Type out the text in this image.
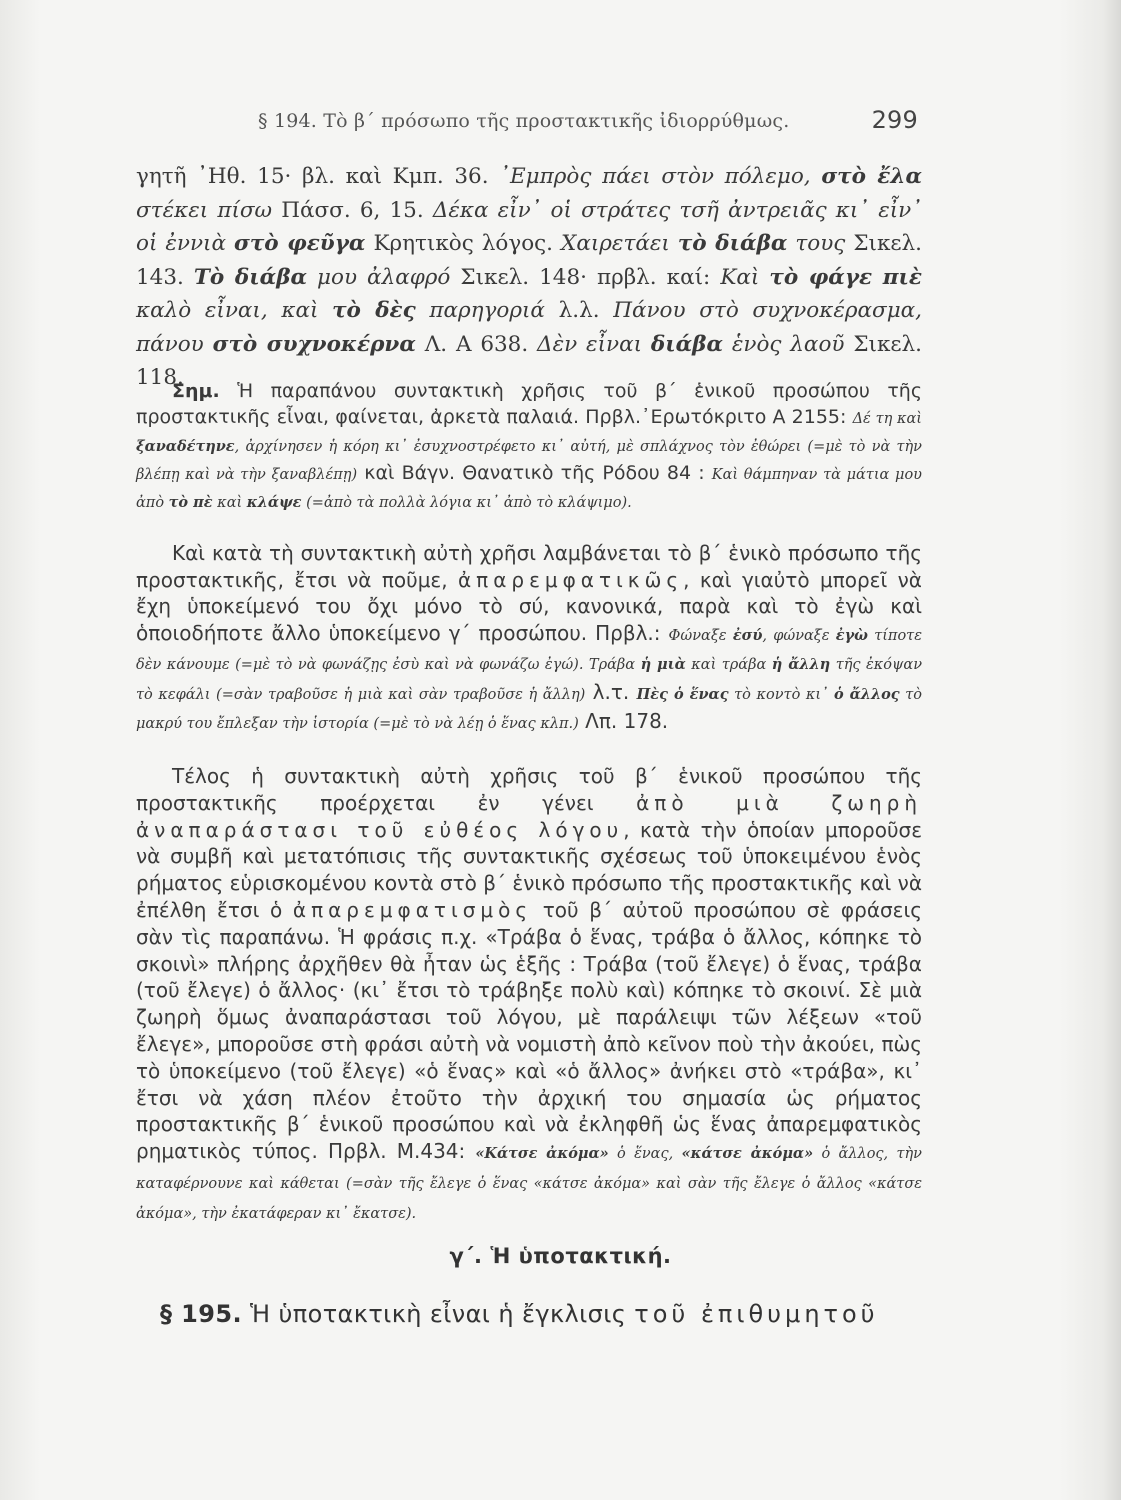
§ 194. Τὸ β΄ πρόσωπο τῆς προστακτικῆς ἰδιορρύθμως.	299
γητῆ ᾿Ηθ. 15· βλ. καὶ Κμπ. 36. ᾿Εμπρὸς πάει στὸν πόλεμο, στὸ ἔλα στέκει πίσω Πάσσ. 6, 15. Δέκα εἶν᾿ οἱ στράτες τσῆ ἀντρειᾶς κι᾿ εἶν᾿ οἱ ἐννιὰ στὸ φεῦγα Κρητικὸς λόγος. Χαιρετάει τὸ διάβα τους Σικελ. 143. Τὸ διάβα μου ἀλαφρό Σικελ. 148· πρβλ. καί: Καὶ τὸ φάγε πιὲ καλὸ εἶναι, καὶ τὸ δὲς παρηγοριά λ.λ. Πάνου στὸ συχνοκέρασμα, πάνου στὸ συχνοκέρνα Λ. Α 638. Δὲν εἶναι διάβα ἑνὸς λαοῦ Σικελ. 118.
Σημ. Ἡ παραπάνου συντακτικὴ χρῆσις τοῦ β΄ ἑνικοῦ προσώπου τῆς προστακτικῆς εἶναι, φαίνεται, ἀρκετὰ παλαιά. Πρβλ.᾿Ερωτόκριτο Α 2155: Δέ τη καὶ ξαναδέτηνε, ἀρχίνησεν ἡ κόρη κι᾿ ἐσυχνοστρέφετο κι᾿ αὐτή, μὲ σπλάχνος τὸν ἐθώρει (=μὲ τὸ νὰ τὴν βλέπῃ καὶ νὰ τὴν ξαναβλέπῃ) καὶ Βάγν. Θανατικὸ τῆς Ρόδου 84 : Καὶ θάμπηναν τὰ μάτια μου ἀπὸ τὸ πὲ καὶ κλάψε (=ἀπὸ τὰ πολλὰ λόγια κι᾿ ἀπὸ τὸ κλάψιμο).
Καὶ κατὰ τὴ συντακτικὴ αὐτὴ χρῆσι λαμβάνεται τὸ β΄ ἑνικὸ πρόσωπο τῆς προστακτικῆς, ἔτσι νὰ ποῦμε, ἀπαρεμφατικῶς, καὶ γιαὐτὸ μπορεῖ νὰ ἔχη ὑποκείμενό του ὄχι μόνο τὸ σύ, κανονικά, παρὰ καὶ τὸ ἐγὼ καὶ ὁποιοδήποτε ἄλλο ὑποκείμενο γ΄ προσώπου. Πρβλ.: Φώναξε ἐσύ, φώναξε ἐγὼ τίποτε δὲν κάνουμε (=μὲ τὸ νὰ φωνάζῃς ἐσὺ καὶ νὰ φωνάζω ἐγώ). Τράβα ἡ μιὰ καὶ τράβα ἡ ἄλλη τῆς ἐκόψαν τὸ κεφάλι (=σὰν τραβοῦσε ἡ μιὰ καὶ σὰν τραβοῦσε ἡ ἄλλη) λ.τ. Πὲς ὁ ἕνας τὸ κοντὸ κι᾿ ὁ ἄλλος τὸ μακρύ του ἔπλεξαν τὴν ἱστορία (=μὲ τὸ νὰ λέῃ ὁ ἕνας κλπ.) Λπ. 178.
Τέλος ἡ συντακτικὴ αὐτὴ χρῆσις τοῦ β΄ ἑνικοῦ προσώπου τῆς προστακτικῆς προέρχεται ἐν γένει ἀπὸ μιὰ ζωηρὴ ἀναπαράστασι τοῦ εὐθέος λόγου, κατὰ τὴν ὁποίαν μποροῦσε νὰ συμβῆ καὶ μετατόπισις τῆς συντακτικῆς σχέσεως τοῦ ὑποκειμένου ἑνὸς ρήματος εὑρισκομένου κοντὰ στὸ β΄ ἑνικὸ πρόσωπο τῆς προστακτικῆς καὶ νὰ ἐπέλθη ἔτσι ὁ ἀπαρεμφατισμὸς τοῦ β΄ αὐτοῦ προσώπου σὲ φράσεις σὰν τὶς παραπάνω. Ἡ φράσις π.χ. «Τράβα ὁ ἕνας, τράβα ὁ ἄλλος, κόπηκε τὸ σκοινὶ» πλήρης ἀρχῆθεν θὰ ἦταν ὡς ἑξῆς : Τράβα (τοῦ ἔλεγε) ὁ ἕνας, τράβα (τοῦ ἔλεγε) ὁ ἄλλος· (κι᾿ ἔτσι τὸ τράβηξε πολὺ καὶ) κόπηκε τὸ σκοινί. Σὲ μιὰ ζωηρὴ ὅμως ἀναπαράστασι τοῦ λόγου, μὲ παράλειψι τῶν λέξεων «τοῦ ἔλεγε», μποροῦσε στὴ φράσι αὐτὴ νὰ νομιστὴ ἀπὸ κεῖνον ποὺ τὴν ἀκούει, πὼς τὸ ὑποκείμενο (τοῦ ἔλεγε) «ὁ ἕνας» καὶ «ὁ ἄλλος» ἀνήκει στὸ «τράβα», κι᾿ ἔτσι νὰ χάση πλέον ἐτοῦτο τὴν ἀρχική του σημασία ὡς ρήματος προστακτικῆς β΄ ἑνικοῦ προσώπου καὶ νὰ ἐκληφθῆ ὡς ἕνας ἀπαρεμφατικὸς ρηματικὸς τύπος. Πρβλ. Μ.434: «Κάτσε ἀκόμα» ὁ ἕνας, «κάτσε ἀκόμα» ὁ ἄλλος, τὴν καταφέρνουνε καὶ κάθεται (=σὰν τῆς ἔλεγε ὁ ἕνας «κάτσε ἀκόμα» καὶ σὰν τῆς ἔλεγε ὁ ἄλλος «κάτσε ἀκόμα», τὴν ἐκατάφεραν κι᾿ ἔκατσε).
γ΄. Ἡ ὑποτακτική.
§ 195. Ἡ ὑποτακτικὴ εἶναι ἡ ἔγκλισις τοῦ ἐπιθυμητοῦ
